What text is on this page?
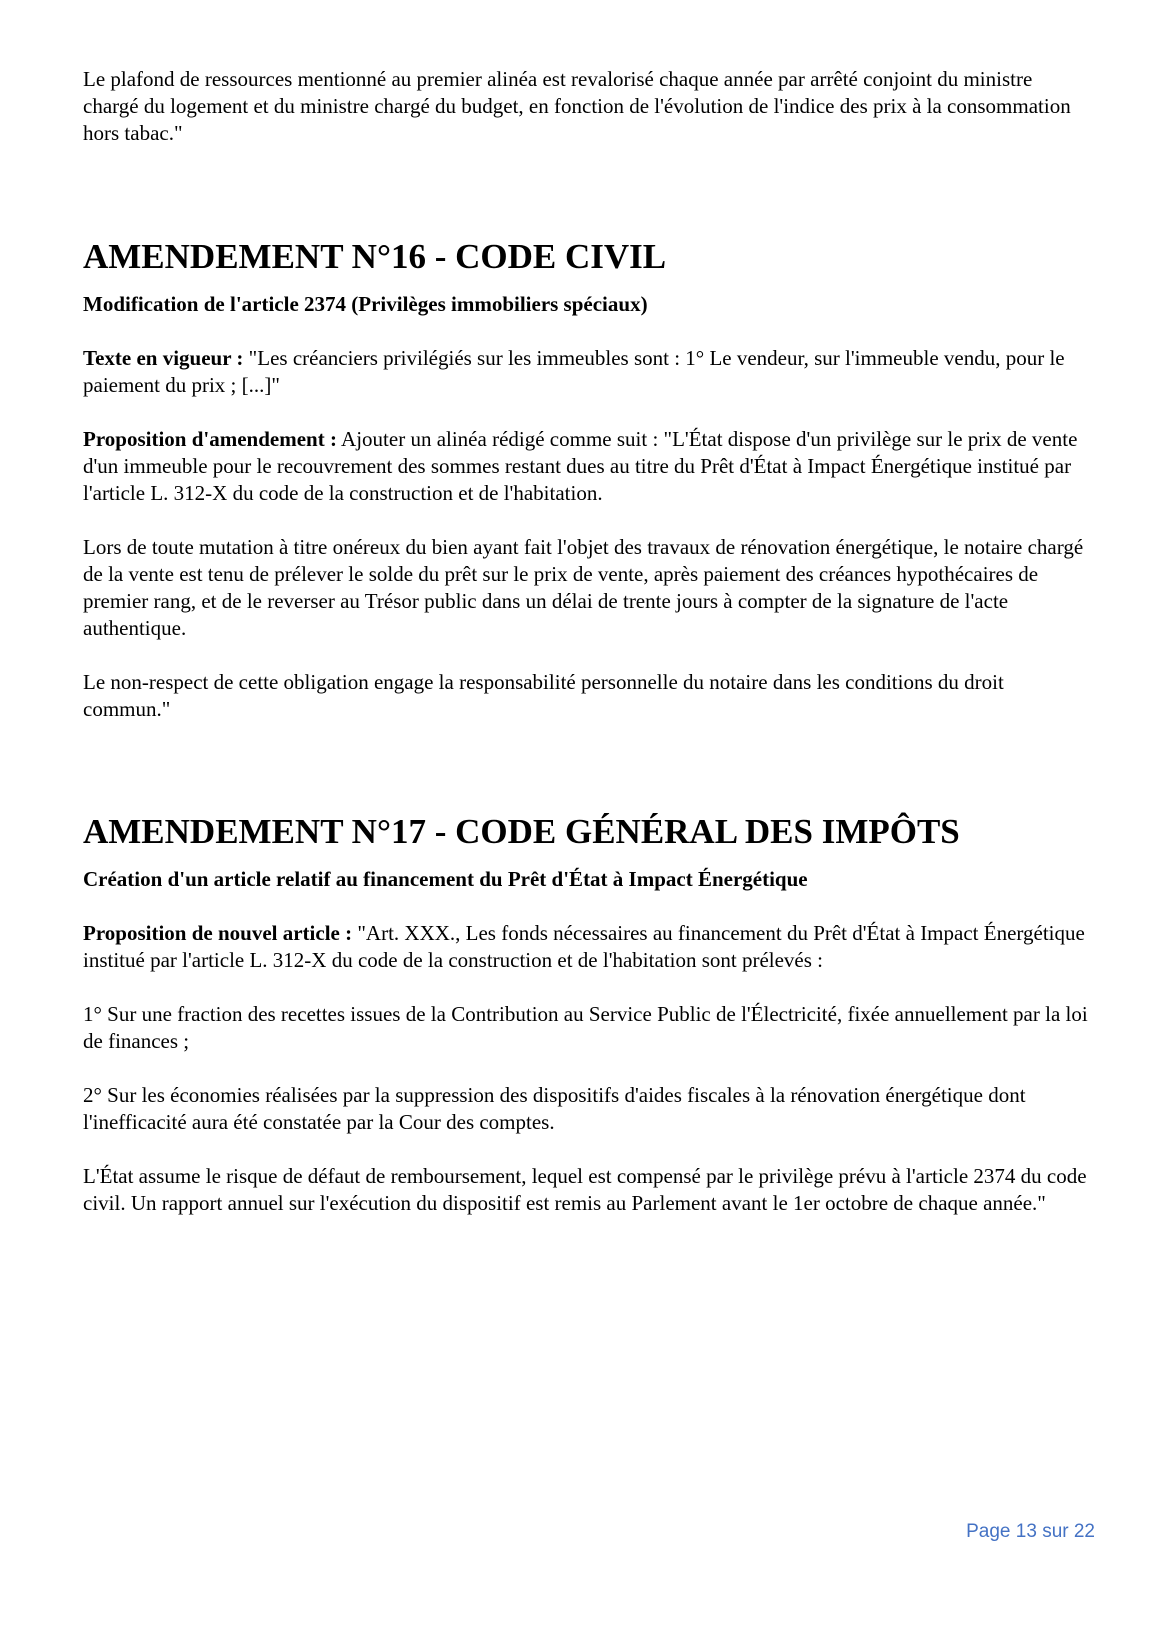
Le plafond de ressources mentionné au premier alinéa est revalorisé chaque année par arrêté conjoint du ministre chargé du logement et du ministre chargé du budget, en fonction de l'évolution de l'indice des prix à la consommation hors tabac."

AMENDEMENT N°16 - CODE CIVIL

Modification de l'article 2374 (Privilèges immobiliers spéciaux)

Texte en vigueur : "Les créanciers privilégiés sur les immeubles sont : 1° Le vendeur, sur l'immeuble vendu, pour le paiement du prix ; [...]"

Proposition d'amendement : Ajouter un alinéa rédigé comme suit : "L'État dispose d'un privilège sur le prix de vente d'un immeuble pour le recouvrement des sommes restant dues au titre du Prêt d'État à Impact Énergétique institué par l'article L. 312-X du code de la construction et de l'habitation.

Lors de toute mutation à titre onéreux du bien ayant fait l'objet des travaux de rénovation énergétique, le notaire chargé de la vente est tenu de prélever le solde du prêt sur le prix de vente, après paiement des créances hypothécaires de premier rang, et de le reverser au Trésor public dans un délai de trente jours à compter de la signature de l'acte authentique.

Le non-respect de cette obligation engage la responsabilité personnelle du notaire dans les conditions du droit commun."

AMENDEMENT N°17 - CODE GÉNÉRAL DES IMPÔTS

Création d'un article relatif au financement du Prêt d'État à Impact Énergétique

Proposition de nouvel article : "Art. XXX., Les fonds nécessaires au financement du Prêt d'État à Impact Énergétique institué par l'article L. 312-X du code de la construction et de l'habitation sont prélevés :

1° Sur une fraction des recettes issues de la Contribution au Service Public de l'Électricité, fixée annuellement par la loi de finances ;

2° Sur les économies réalisées par la suppression des dispositifs d'aides fiscales à la rénovation énergétique dont l'inefficacité aura été constatée par la Cour des comptes.

L'État assume le risque de défaut de remboursement, lequel est compensé par le privilège prévu à l'article 2374 du code civil. Un rapport annuel sur l'exécution du dispositif est remis au Parlement avant le 1er octobre de chaque année."

Page 13 sur 22
